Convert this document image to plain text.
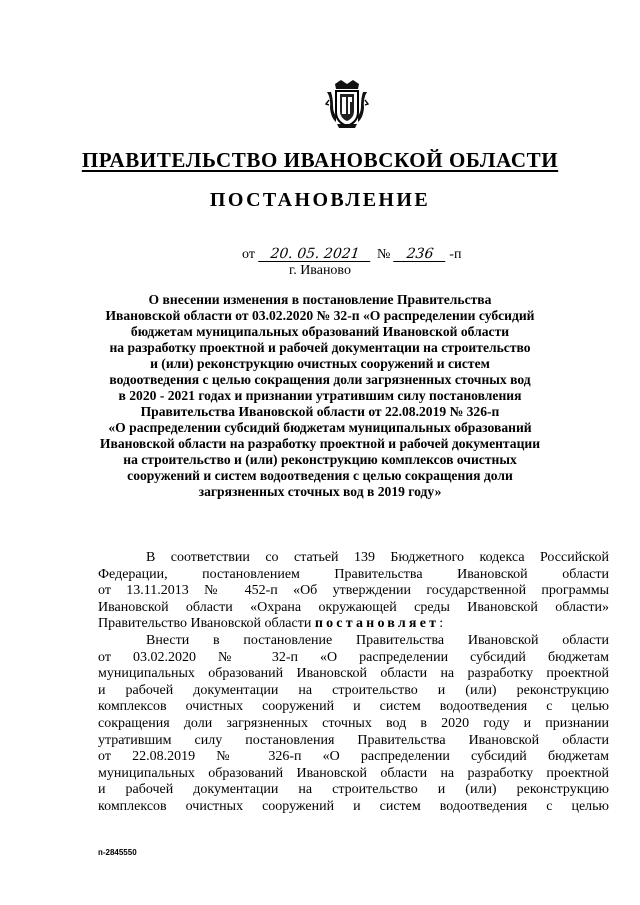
ПРАВИТЕЛЬСТВО ИВАНОВСКОЙ ОБЛАСТИ
ПОСТАНОВЛЕНИЕ
от 20. 05. 2021 № 236 -п
г. Иваново
О внесении изменения в постановление Правительства
Ивановской области от 03.02.2020 № 32-п «О распределении субсидий
бюджетам муниципальных образований Ивановской области
на разработку проектной и рабочей документации на строительство
и (или) реконструкцию очистных сооружений и систем
водоотведения с целью сокращения доли загрязненных сточных вод
в 2020 - 2021 годах и признании утратившим силу постановления
Правительства Ивановской области от 22.08.2019 № 326-п
«О распределении субсидий бюджетам муниципальных образований
Ивановской области на разработку проектной и рабочей документации
на строительство и (или) реконструкцию комплексов очистных
сооружений и систем водоотведения с целью сокращения доли
загрязненных сточных вод в 2019 году»
В соответствии со статьей 139 Бюджетного кодекса Российской
Федерации, постановлением Правительства Ивановской области
от 13.11.2013 № 452-п «Об утверждении государственной программы
Ивановской области «Охрана окружающей среды Ивановской области»
Правительство Ивановской области постановляет:
Внести в постановление Правительства Ивановской области
от 03.02.2020 № 32-п «О распределении субсидий бюджетам
муниципальных образований Ивановской области на разработку проектной
и рабочей документации на строительство и (или) реконструкцию
комплексов очистных сооружений и систем водоотведения с целью
сокращения доли загрязненных сточных вод в 2020 году и признании
утратившим силу постановления Правительства Ивановской области
от 22.08.2019 № 326-п «О распределении субсидий бюджетам
муниципальных образований Ивановской области на разработку проектной
и рабочей документации на строительство и (или) реконструкцию
комплексов очистных сооружений и систем водоотведения с целью
п-2845550
